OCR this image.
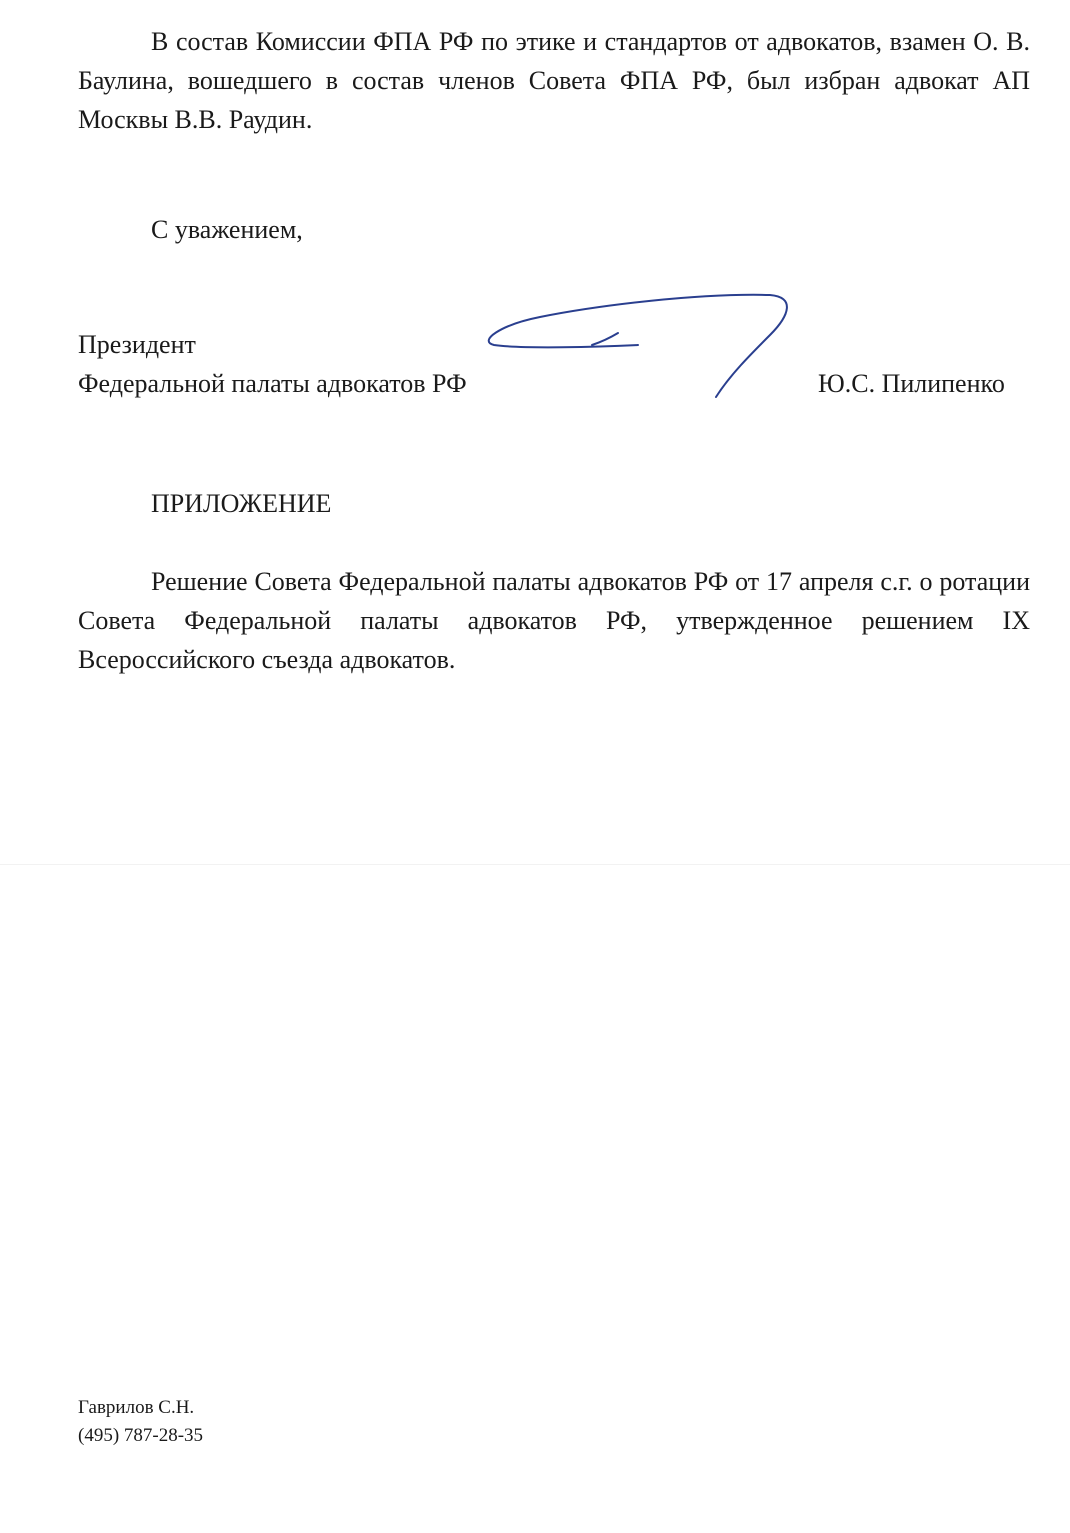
В состав Комиссии ФПА РФ по этике и стандартов от адвокатов, взамен О. В. Баулина, вошедшего в состав членов Совета ФПА РФ, был избран адвокат АП Москвы В.В. Раудин.

С уважением,

Президент

Федеральной палаты адвокатов РФ	Ю.С. Пилипенко

ПРИЛОЖЕНИЕ

Решение Совета Федеральной палаты адвокатов РФ от 17 апреля с.г. о ротации Совета Федеральной палаты адвокатов РФ, утвержденное решением IX Всероссийского съезда адвокатов.

Гаврилов С.Н.

(495) 787-28-35
